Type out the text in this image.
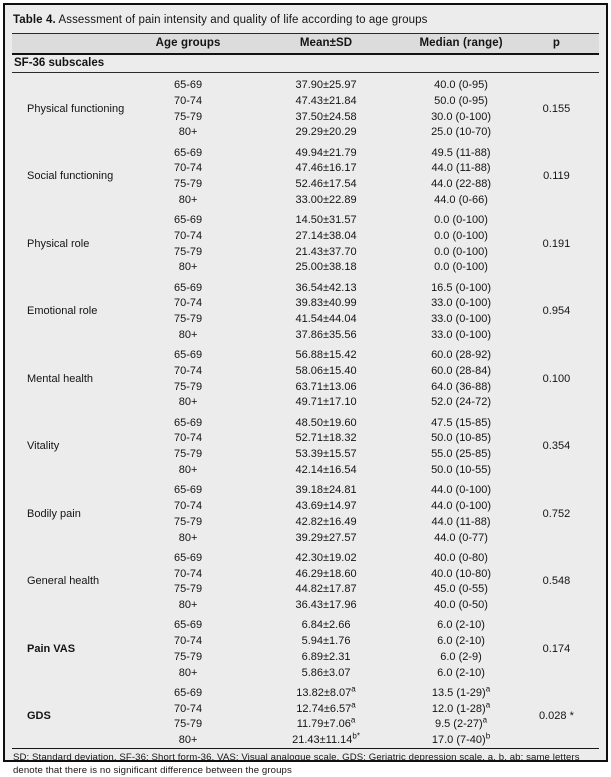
Table 4. Assessment of pain intensity and quality of life according to age groups
	Age groups	Mean±SD	Median (range)	p
SF-36 subscales				
Physical functioning	65-69	37.90±25.97	40.0 (0-95)	0.155
	70-74	47.43±21.84	50.0 (0-95)	
	75-79	37.50±24.58	30.0 (0-100)	
	80+	29.29±20.29	25.0 (10-70)	
Social functioning	65-69	49.94±21.79	49.5 (11-88)	0.119
	70-74	47.46±16.17	44.0 (11-88)	
	75-79	52.46±17.54	44.0 (22-88)	
	80+	33.00±22.89	44.0 (0-66)	
Physical role	65-69	14.50±31.57	0.0 (0-100)	0.191
	70-74	27.14±38.04	0.0 (0-100)	
	75-79	21.43±37.70	0.0 (0-100)	
	80+	25.00±38.18	0.0 (0-100)	
Emotional role	65-69	36.54±42.13	16.5 (0-100)	0.954
	70-74	39.83±40.99	33.0 (0-100)	
	75-79	41.54±44.04	33.0 (0-100)	
	80+	37.86±35.56	33.0 (0-100)	
Mental health	65-69	56.88±15.42	60.0 (28-92)	0.100
	70-74	58.06±15.40	60.0 (28-84)	
	75-79	63.71±13.06	64.0 (36-88)	
	80+	49.71±17.10	52.0 (24-72)	
Vitality	65-69	48.50±19.60	47.5 (15-85)	0.354
	70-74	52.71±18.32	50.0 (10-85)	
	75-79	53.39±15.57	55.0 (25-85)	
	80+	42.14±16.54	50.0 (10-55)	
Bodily pain	65-69	39.18±24.81	44.0 (0-100)	0.752
	70-74	43.69±14.97	44.0 (0-100)	
	75-79	42.82±16.49	44.0 (11-88)	
	80+	39.29±27.57	44.0 (0-77)	
General health	65-69	42.30±19.02	40.0 (0-80)	0.548
	70-74	46.29±18.60	40.0 (10-80)	
	75-79	44.82±17.87	45.0 (0-55)	
	80+	36.43±17.96	40.0 (0-50)	
Pain VAS	65-69	6.84±2.66	6.0 (2-10)	0.174
	70-74	5.94±1.76	6.0 (2-10)	
	75-79	6.89±2.31	6.0 (2-9)	
	80+	5.86±3.07	6.0 (2-10)	
GDS	65-69	13.82±8.07$^a$	13.5 $(1-29)^a$	0.028 *
	70-74	12.74±6.57$^a$	12.0 $(1-28)^a$
	75-79	11.79±7.06$^a$	9.5 $(2-27)^a$
	80+	$21.43\pm 11.14^{b*}$	17.0 $(7-40)^b$
SD: Standard deviation, SF-36: Short form-36, VAS: Visual analogue scale, GDS: Geriatric depression scale, a, b, ab: same letters denote that there is no significant difference between the groups
